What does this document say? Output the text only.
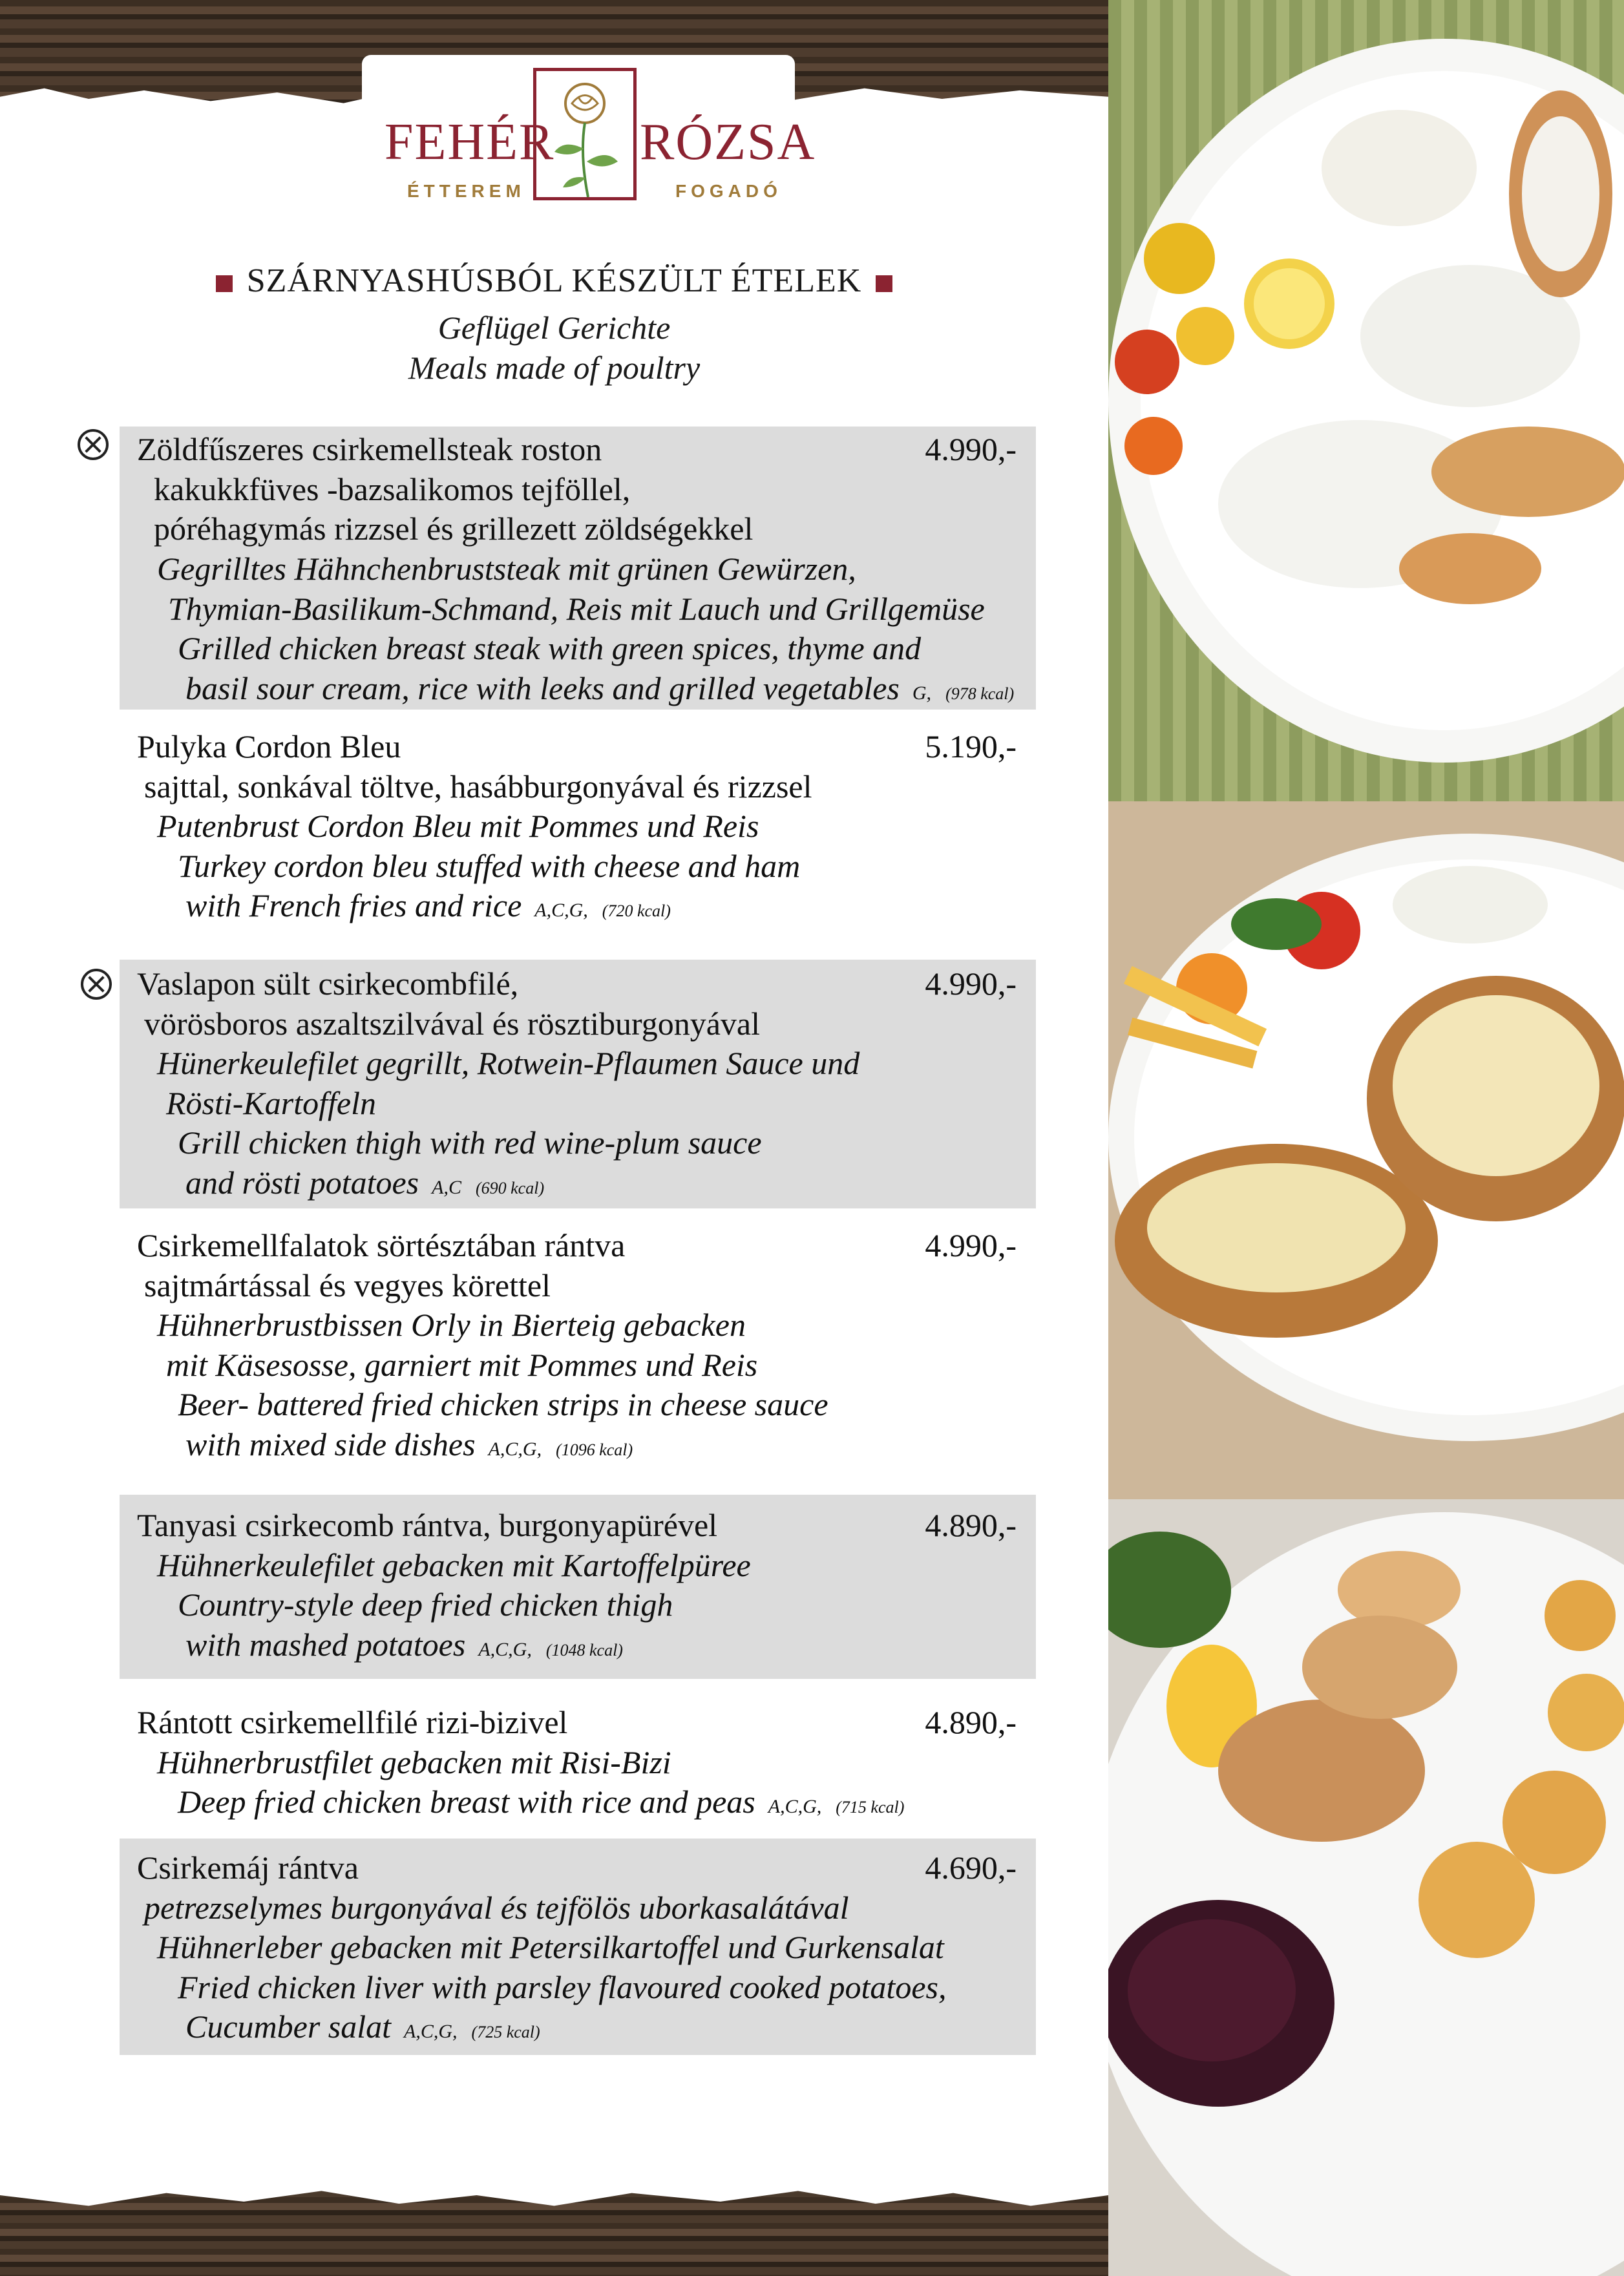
FEHÉR RÓZSA
ÉTTEREM	FOGADÓ
SZÁRNYASHÚSBÓL KÉSZÜLT ÉTELEK
Geflügel Gerichte
Meals made of poultry
Zöldfűszeres csirkemellsteak roston	4.990,-
kakukkfüves -bazsalikomos tejföllel,
póréhagymás rizzsel és grillezett zöldségekkel
Gegrilltes Hähnchenbruststeak mit grünen Gewürzen,
Thymian-Basilikum-Schmand, Reis mit Lauch und Grillgemüse
Grilled chicken breast steak with green spices, thyme and
basil sour cream, rice with leeks and grilled vegetables G, (978 kcal)
Pulyka Cordon Bleu	5.190,-
sajttal, sonkával töltve, hasábburgonyával és rizzsel
Putenbrust Cordon Bleu mit Pommes und Reis
Turkey cordon bleu stuffed with cheese and ham
with French fries and rice A,C,G, (720 kcal)
Vaslapon sült csirkecombfilé,	4.990,-
vörösboros aszaltszilvával és rösztiburgonyával
Hünerkeulefilet gegrillt, Rotwein-Pflaumen Sauce und
Rösti-Kartoffeln
Grill chicken thigh with red wine-plum sauce
and rösti potatoes A,C (690 kcal)
Csirkemellfalatok sörtésztában rántva	4.990,-
sajtmártással és vegyes körettel
Hühnerbrustbissen Orly in Bierteig gebacken
mit Käsesosse, garniert mit Pommes und Reis
Beer- battered fried chicken strips in cheese sauce
with mixed side dishes A,C,G, (1096 kcal)
Tanyasi csirkecomb rántva, burgonyapürével	4.890,-
Hühnerkeulefilet gebacken mit Kartoffelpüree
Country-style deep fried chicken thigh
with mashed potatoes A,C,G, (1048 kcal)
Rántott csirkemellfilé rizi-bizivel	4.890,-
Hühnerbrustfilet gebacken mit Risi-Bizi
Deep fried chicken breast with rice and peas A,C,G, (715 kcal)
Csirkemáj rántva	4.690,-
petrezselymes burgonyával és tejfölös uborkasalátával
Hühnerleber gebacken mit Petersilkartoffel und Gurkensalat
Fried chicken liver with parsley flavoured cooked potatoes,
Cucumber salat A,C,G, (725 kcal)
